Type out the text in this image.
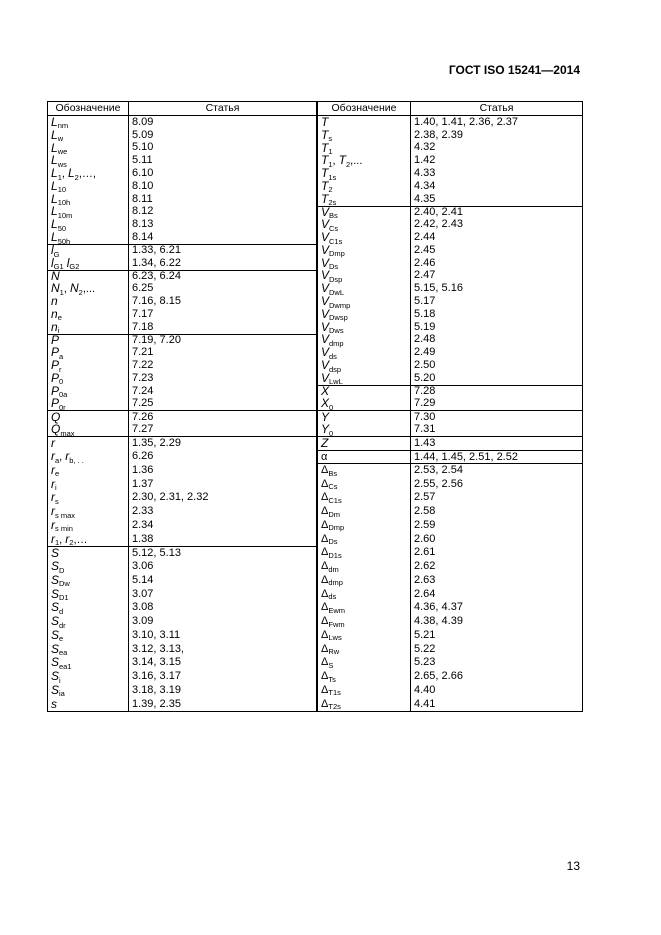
ГОСТ ISO 15241—2014
Обозначение	Статья
$L_{nm}$	8.09
$L_w$	5.09
$L_{we}$	5.10
$L_{ws}$	5.11
$L_1$, $L_2,\dots$,	6.10
$L_{10}$	8.10
$L_{10h}$	8.11
$L_{10m}$	8.12
$L_{50}$	8.13
$L_{50h}$	8.14
$l_G$	1.33, 6.21
$l_{G1}$ $l_{G2}$	1.34, 6.22
N	6.23, 6.24
$N_1$, $N_2$,...	6.25
n	7.16, 8.15
$n_e$	7.17
$n_i$	7.18
P	7.19, 7.20
$P_a$	7.21
$P_r$	7.22
$P_0$	7.23
$P_{0a}$	7.24
$P_{0r}$	7.25
Q	7.26
$Q_{max}$	7.27
r	1.35, 2.29
$r_a$, $r_{b, . .}$	6.26
$r_e$	1.36
$r_i$	1.37
$r_s$	2.30, 2.31, 2.32
$r_{s max}$	2.33
$r_{s min}$	2.34
$r_1$, $r_2,\dots$	1.38
S	5.12, 5.13
$S_D$	3.06
$S_{Dw}$	5.14
$S_{D1}$	3.07
$S_d$	3.08
$S_{dr}$	3.09
$S_e$	3.10, 3.11
$S_{ea}$	3.12, 3.13,
$S_{ea1}$	3.14, 3.15
$S_i$	3.16, 3.17
$S_{ia}$	3.18, 3.19
s	1.39, 2.35
Обозначение	Статья
T	1.40, 1.41, 2.36, 2.37
$T_s$	2.38, 2.39
$T_1$	4.32
$T_1$, $T_2$,...	1.42
$T_{1s}$	4.33
$T_2$	4.34
$T_{2s}$	4.35
$V_{Bs}$	2.40, 2.41
$V_{Cs}$	2.42, 2.43
$V_{C1s}$	2.44
$V_{Dmp}$	2.45
$V_{Ds}$	2.46
$V_{Dsp}$	2.47
$V_{DwL}$	5.15, 5.16
$V_{Dwmp}$	5.17
$V_{Dwsp}$	5.18
$V_{Dws}$	5.19
$V_{dmp}$	2.48
$V_{ds}$	2.49
$V_{dsp}$	2.50
$V_{LwL}$	5.20
X	7.28
$X_0$	7.29
Y	7.30
$Y_0$	7.31
Z	1.43
α	1.44, 1.45, 2.51, 2.52
$\Delta_{Bs}$	2.53, 2.54
$\Delta_{Cs}$	2.55, 2.56
$\Delta_{C1s}$	2.57
$\Delta_{Dm}$	2.58
$\Delta_{Dmp}$	2.59
$\Delta_{Ds}$	2.60
$\Delta_{D1s}$	2.61
$\Delta_{dm}$	2.62
$\Delta_{dmp}$	2.63
$\Delta_{ds}$	2.64
$\Delta_{Ewm}$	4.36, 4.37
$\Delta_{Fwm}$	4.38, 4.39
$\Delta_{Lws}$	5.21
$\Delta_{Rw}$	5.22
$\Delta_S$	5.23
$\Delta_{Ts}$	2.65, 2.66
$\Delta_{T1s}$	4.40
$\Delta_{T2s}$	4.41
13
